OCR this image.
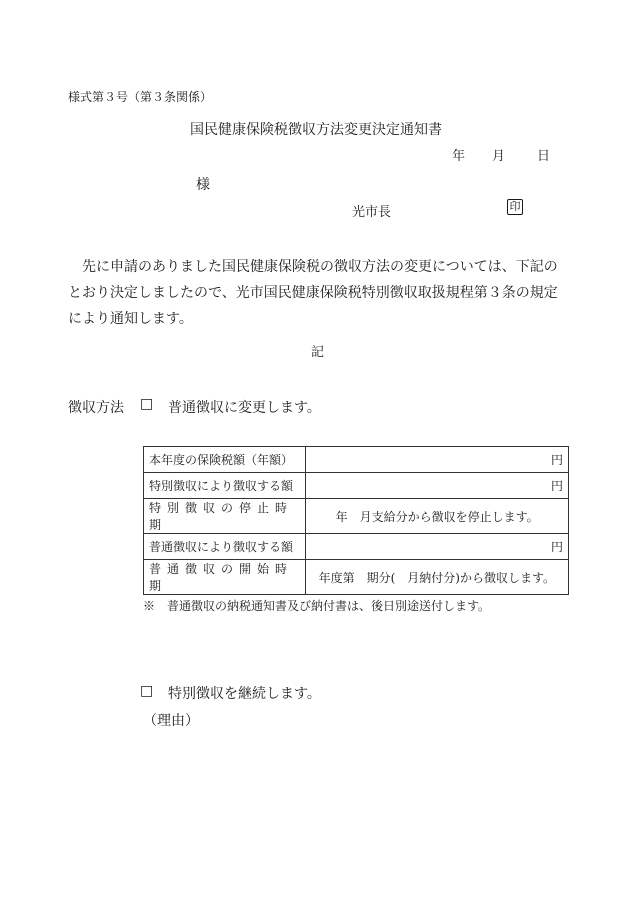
様式第３号（第３条関係）
国民健康保険税徴収方法変更決定通知書
年 月 日
様
光市長	印
先に申請のありました国民健康保険税の徴収方法の変更については、下記のとおり決定しましたので、光市国民健康保険税特別徴収取扱規程第３条の規定により通知します。
記
徴収方法 □ 普通徴収に変更します。
本年度の保険税額（年額）	円
特別徴収により徴収する額	円
特別徴収の停止時期	年　月支給分から徴収を停止します。
普通徴収により徴収する額	円
普通徴収の開始時期	年度第　期分(　月納付分)から徴収します。
※　普通徴収の納税通知書及び納付書は、後日別途送付します。
□ 特別徴収を継続します。
（理由）
